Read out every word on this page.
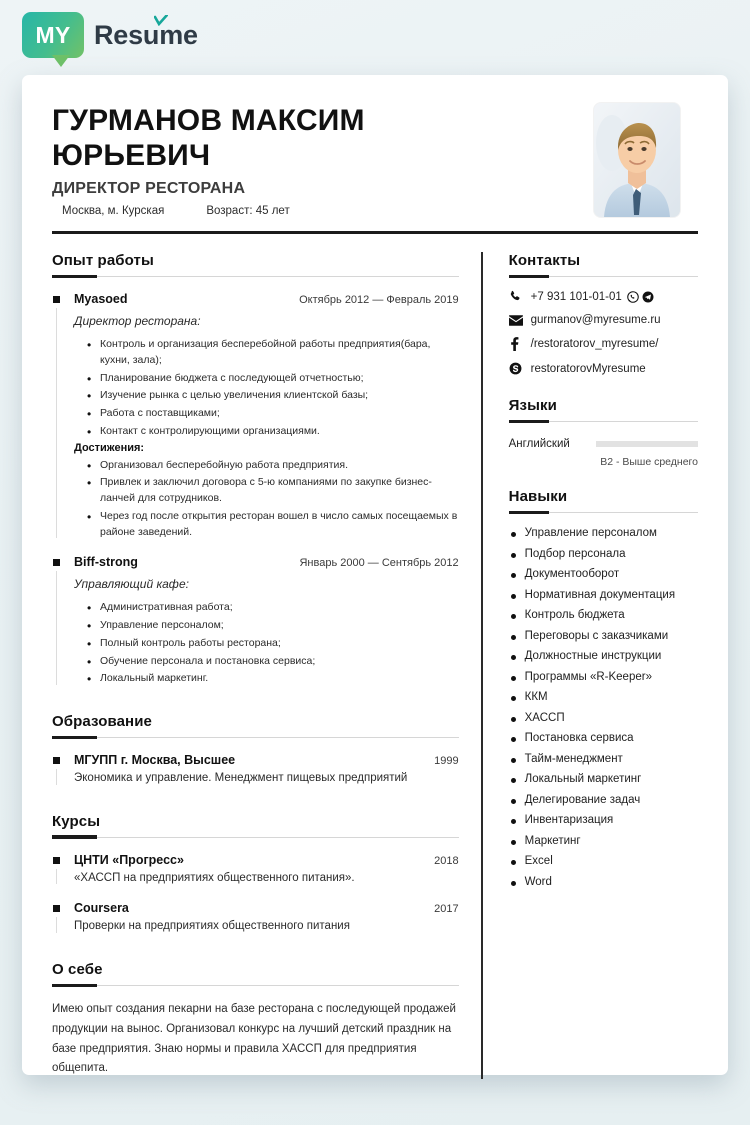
MY Resume
ГУРМАНОВ МАКСИМ ЮРЬЕВИЧ
ДИРЕКТОР РЕСТОРАНА
Москва, м. Курская	Возраст: 45 лет
Опыт работы
Myasoed	Октябрь 2012 — Февраль 2019
Директор ресторана:
• Контроль и организация бесперебойной работы предприятия(бара, кухни, зала);
• Планирование бюджета с последующей отчетностью;
• Изучение рынка с целью увеличения клиентской базы;
• Работа с поставщиками;
• Контакт с контролирующими организациями.
Достижения:
• Организовал бесперебойную работа предприятия.
• Привлек и заключил договора с 5-ю компаниями по закупке бизнес-ланчей для сотрудников.
• Через год после открытия ресторан вошел в число самых посещаемых в районе заведений.
Biff-strong	Январь 2000 — Сентябрь 2012
Управляющий кафе:
• Административная работа;
• Управление персоналом;
• Полный контроль работы ресторана;
• Обучение персонала и постановка сервиса;
• Локальный маркетинг.
Образование
МГУПП г. Москва, Высшее	1999
Экономика и управление. Менеджмент пищевых предприятий
Курсы
ЦНТИ «Прогресс»	2018
«ХАССП на предприятиях общественного питания».
Coursera	2017
Проверки на предприятиях общественного питания
О себе
Имею опыт создания пекарни на базе ресторана с последующей продажей продукции на вынос. Организовал конкурс на лучший детский праздник на базе предприятия. Знаю нормы и правила ХАССП для предприятия общепита.
Контакты
+7 931 101-01-01
gurmanov@myresume.ru
/restoratorov_myresume/
restoratorovMyresume
Языки
Английский
B2 - Выше среднего
Навыки
Управление персоналом
Подбор персонала
Документооборот
Нормативная документация
Контроль бюджета
Переговоры с заказчиками
Должностные инструкции
Программы «R-Keeper»
ККМ
ХАССП
Постановка сервиса
Тайм-менеджмент
Локальный маркетинг
Делегирование задач
Инвентаризация
Маркетинг
Excel
Word
